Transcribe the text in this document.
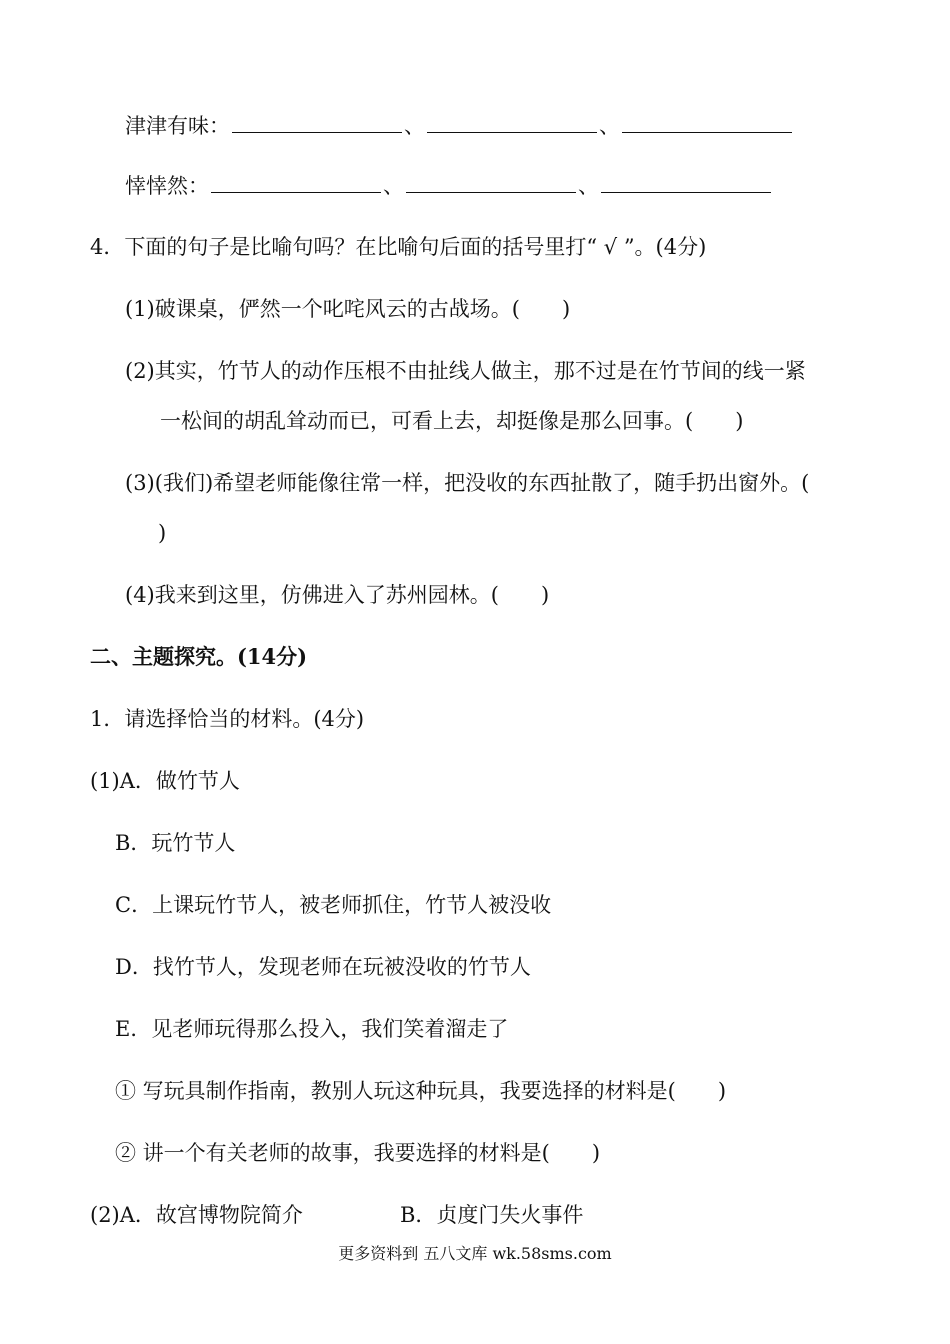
津津有味：	、	、
悻悻然：	、	、
4．下面的句子是比喻句吗？在比喻句后面的括号里打“ √ ”。(4分)
(1)破课桌，俨然一个叱咤风云的古战场。(　　)
(2)其实，竹节人的动作压根不由扯线人做主，那不过是在竹节间的线一紧
一松间的胡乱耸动而已，可看上去，却挺像是那么回事。(　　)
(3)(我们)希望老师能像往常一样，把没收的东西扯散了，随手扔出窗外。(
)
(4)我来到这里，仿佛进入了苏州园林。(　　)
二、主题探究。(14分)
1．请选择恰当的材料。(4分)
(1)A．做竹节人
B．玩竹节人
C．上课玩竹节人，被老师抓住，竹节人被没收
D．找竹节人，发现老师在玩被没收的竹节人
E．见老师玩得那么投入，我们笑着溜走了
① 写玩具制作指南，教别人玩这种玩具，我要选择的材料是(　　)
② 讲一个有关老师的故事，我要选择的材料是(　　)
(2)A．故宫博物院简介	B．贞度门失火事件
更多资料到 五八文库 wk.58sms.com
